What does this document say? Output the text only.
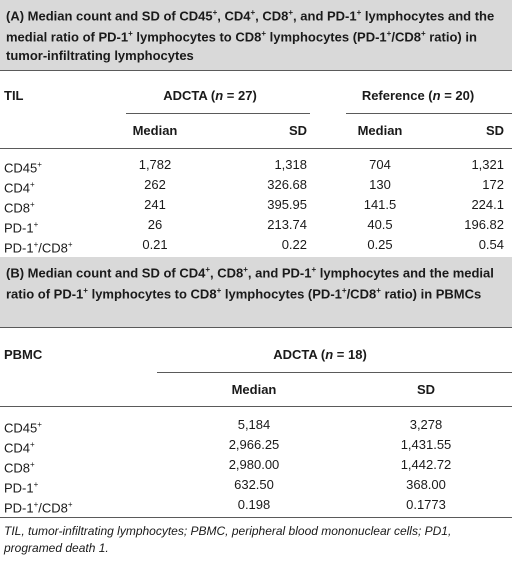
(A) Median count and SD of CD45+, CD4+, CD8+, and PD-1+ lymphocytes and the medial ratio of PD-1+ lymphocytes to CD8+ lymphocytes (PD-1+/CD8+ ratio) in tumor-infiltrating lymphocytes
TIL	ADCTA (n = 27)	Reference (n = 20)
Median	SD	Median	SD
CD45+	1,782	1,318	704	1,321
CD4+	262	326.68	130	172
CD8+	241	395.95	141.5	224.1
PD-1+	26	213.74	40.5	196.82
PD-1+/CD8+	0.21	0.22	0.25	0.54
(B) Median count and SD of CD4+, CD8+, and PD-1+ lymphocytes and the medial ratio of PD-1+ lymphocytes to CD8+ lymphocytes (PD-1+/CD8+ ratio) in PBMCs
PBMC	ADCTA (n = 18)
Median	SD
CD45+	5,184	3,278
CD4+	2,966.25	1,431.55
CD8+	2,980.00	1,442.72
PD-1+	632.50	368.00
PD-1+/CD8+	0.198	0.1773
TIL, tumor-infiltrating lymphocytes; PBMC, peripheral blood mononuclear cells; PD1, programed death 1.
